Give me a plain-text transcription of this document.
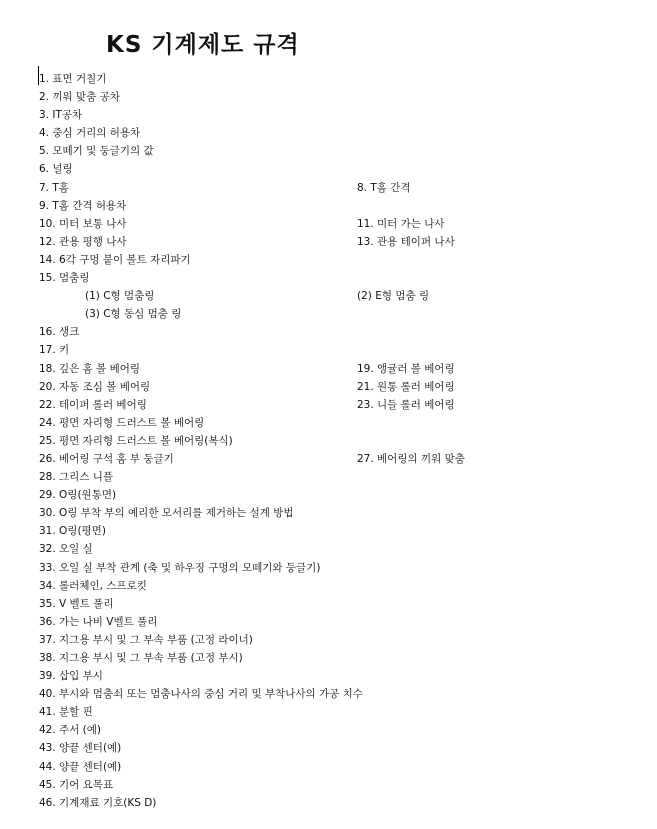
KS 기계제도 규격
1. 표면 거칠기
2. 끼워 맞춤 공차
3. IT공차
4. 중심 거리의 허용차
5. 모떼기 및 둥글기의 값
6. 널링
7. T홈	8. T홈 간격
9. T홈 간격 허용차
10. 미터 보통 나사	11. 미터 가는 나사
12. 관용 평행 나사	13. 관용 테이퍼 나사
14. 6각 구멍 붙이 볼트 자리파기
15. 멈춤링
(1) C형 멈춤링	(2) E형 멈춤 링
(3) C형 동심 멈춤 링
16. 생크
17. 키
18. 깊은 홈 볼 베어링	19. 앵귤러 볼 베어링
20. 자동 조심 볼 베어링	21. 원통 롤러 베어링
22. 테이퍼 롤러 베어링	23. 니들 롤러 베어링
24. 평면 자리형 드러스트 볼 베어링
25. 평면 자리형 드러스트 볼 베어링(복식)
26. 베어링 구석 홈 부 둥글기	27. 베어링의 끼워 맞춤
28. 그리스 니플
29. O링(원통면)
30. O링 부착 부의 예리한 모서리를 제거하는 설계 방법
31. O링(평면)
32. 오일 실
33. 오일 실 부착 관계 (축 및 하우징 구멍의 모떼기와 둥글기)
34. 롤러체인, 스프로킷
35. V 벨트 풀리
36. 가는 나비 V벨트 풀리
37. 지그용 부시 및 그 부속 부품 (고정 라이너)
38. 지그용 부시 및 그 부속 부품 (고정 부시)
39. 삽입 부시
40. 부시와 멈춤쇠 또는 멈춤나사의 중심 거리 및 부착나사의 가공 치수
41. 분할 핀
42. 주서 (예)
43. 양끝 센터(예)
44. 양끝 센터(예)
45. 기어 요목표
46. 기계재료 기호(KS D)
